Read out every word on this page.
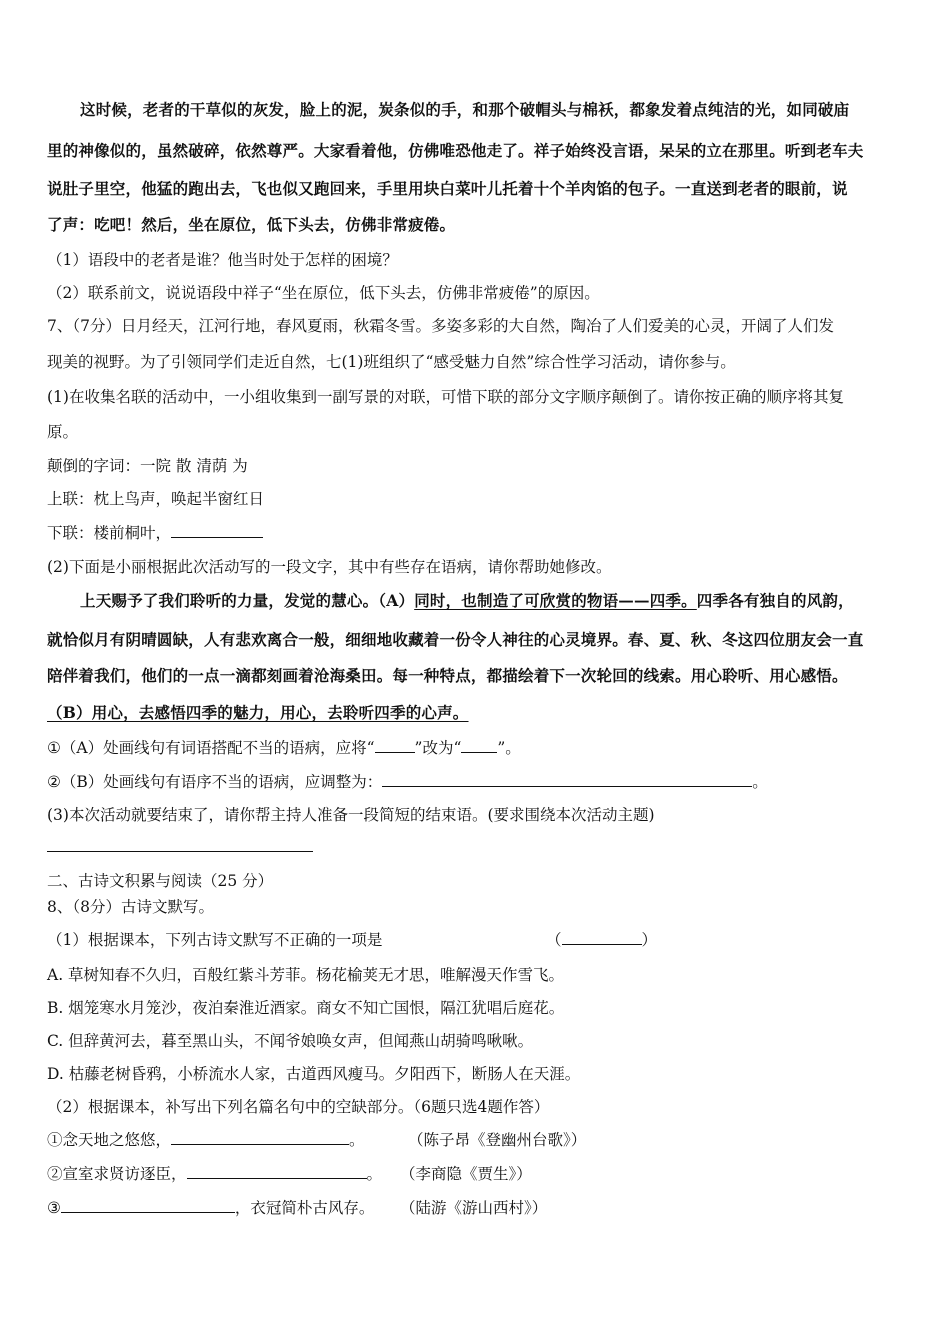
这时候，老者的干草似的灰发，脸上的泥，炭条似的手，和那个破帽头与棉袄，都象发着点纯洁的光，如同破庙
里的神像似的，虽然破碎，依然尊严。大家看着他，仿佛唯恐他走了。祥子始终没言语，呆呆的立在那里。听到老车夫
说肚子里空，他猛的跑出去，飞也似又跑回来，手里用块白菜叶儿托着十个羊肉馅的包子。一直送到老者的眼前，说
了声：吃吧！然后，坐在原位，低下头去，仿佛非常疲倦。
（1）语段中的老者是谁？他当时处于怎样的困境？
（2）联系前文，说说语段中祥子“坐在原位，低下头去，仿佛非常疲倦”的原因。
7、（7分）日月经天，江河行地，春风夏雨，秋霜冬雪。多姿多彩的大自然，陶冶了人们爱美的心灵，开阔了人们发
现美的视野。为了引领同学们走近自然，七(1)班组织了“感受魅力自然”综合性学习活动，请你参与。
(1)在收集名联的活动中，一小组收集到一副写景的对联，可惜下联的部分文字顺序颠倒了。请你按正确的顺序将其复
原。
颠倒的字词：一院 散 清荫 为
上联：枕上鸟声，唤起半窗红日
下联：楼前桐叶，
(2)下面是小丽根据此次活动写的一段文字，其中有些存在语病，请你帮助她修改。
上天赐予了我们聆听的力量，发觉的慧心。（A）同时，也制造了可欣赏的物语——四季。四季各有独自的风韵，
就恰似月有阴晴圆缺，人有悲欢离合一般，细细地收藏着一份令人神往的心灵境界。春、夏、秋、冬这四位朋友会一直
陪伴着我们，他们的一点一滴都刻画着沧海桑田。每一种特点，都描绘着下一次轮回的线索。用心聆听、用心感悟。
（B）用心，去感悟四季的魅力，用心，去聆听四季的心声。
①（A）处画线句有词语搭配不当的语病，应将“	”改为“ ”。
②（B）处画线句有语序不当的语病，应调整为：	。
(3)本次活动就要结束了，请你帮主持人准备一段简短的结束语。(要求围绕本次活动主题)
二、古诗文积累与阅读（25 分）
8、（8分）古诗文默写。
（1）根据课本，下列古诗文默写不正确的一项是	（	）
A. 草树知春不久归，百般红紫斗芳菲。杨花榆荚无才思，唯解漫天作雪飞。
B. 烟笼寒水月笼沙，夜泊秦淮近酒家。商女不知亡国恨，隔江犹唱后庭花。
C. 但辞黄河去，暮至黑山头，不闻爷娘唤女声，但闻燕山胡骑鸣啾啾。
D. 枯藤老树昏鸦，小桥流水人家，古道西风瘦马。夕阳西下，断肠人在天涯。
（2）根据课本，补写出下列名篇名句中的空缺部分。（6题只选4题作答）
①念天地之悠悠，	。	（陈子昂《登幽州台歌》）
②宣室求贤访逐臣，	。 （李商隐《贾生》）
③	，衣冠简朴古风存。 （陆游《游山西村》）
